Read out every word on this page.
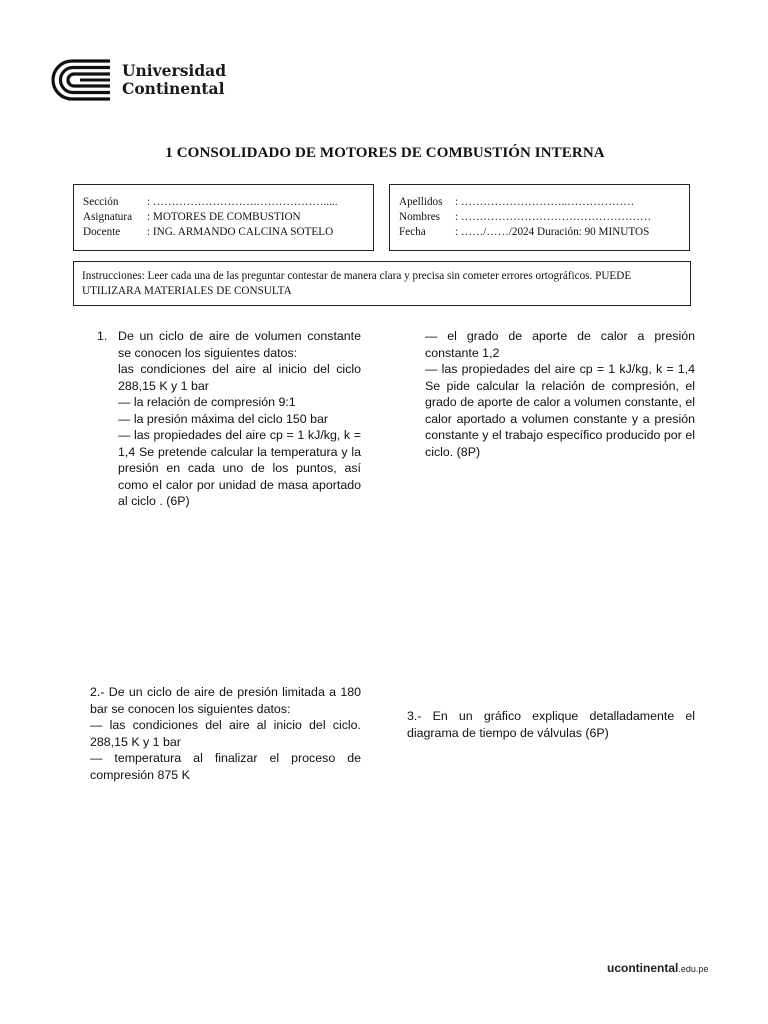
Universidad
Continental
1 CONSOLIDADO DE MOTORES DE COMBUSTIÓN INTERNA
Sección	: ……………………….……………….....
Asignatura	: MOTORES DE COMBUSTION
Docente	: ING. ARMANDO CALCINA SOTELO
Apellidos	: ………………………..………………
Nombres	: ……………………………………………
Fecha	: ……/……/2024 Duración: 90 MINUTOS
Instrucciones: Leer cada una de las preguntar contestar de manera clara y precisa sin cometer errores ortográficos. PUEDE UTILIZARA MATERIALES DE CONSULTA
1. De un ciclo de aire de volumen constante se conocen los siguientes datos:

las condiciones del aire al inicio del ciclo 288,15 K y 1 bar

— la relación de compresión 9:1

— la presión máxima del ciclo 150 bar

— las propiedades del aire cp = 1 kJ/kg, k = 1,4 Se pretende calcular la temperatura y la presión en cada uno de los puntos, así como el calor por unidad de masa aportado al ciclo . (6P)

— el grado de aporte de calor a presión constante 1,2

— las propiedades del aire cp = 1 kJ/kg, k = 1,4 Se pide calcular la relación de compresión, el grado de aporte de calor a volumen constante, el calor aportado a volumen constante y a presión constante y el trabajo específico producido por el ciclo. (8P)

2.- De un ciclo de aire de presión limitada a 180 bar se conocen los siguientes datos:

— las condiciones del aire al inicio del ciclo. 288,15 K y 1 bar

— temperatura al finalizar el proceso de compresión 875 K

3.- En un gráfico explique detalladamente el diagrama de tiempo de válvulas (6P)

ucontinental.edu.pe
